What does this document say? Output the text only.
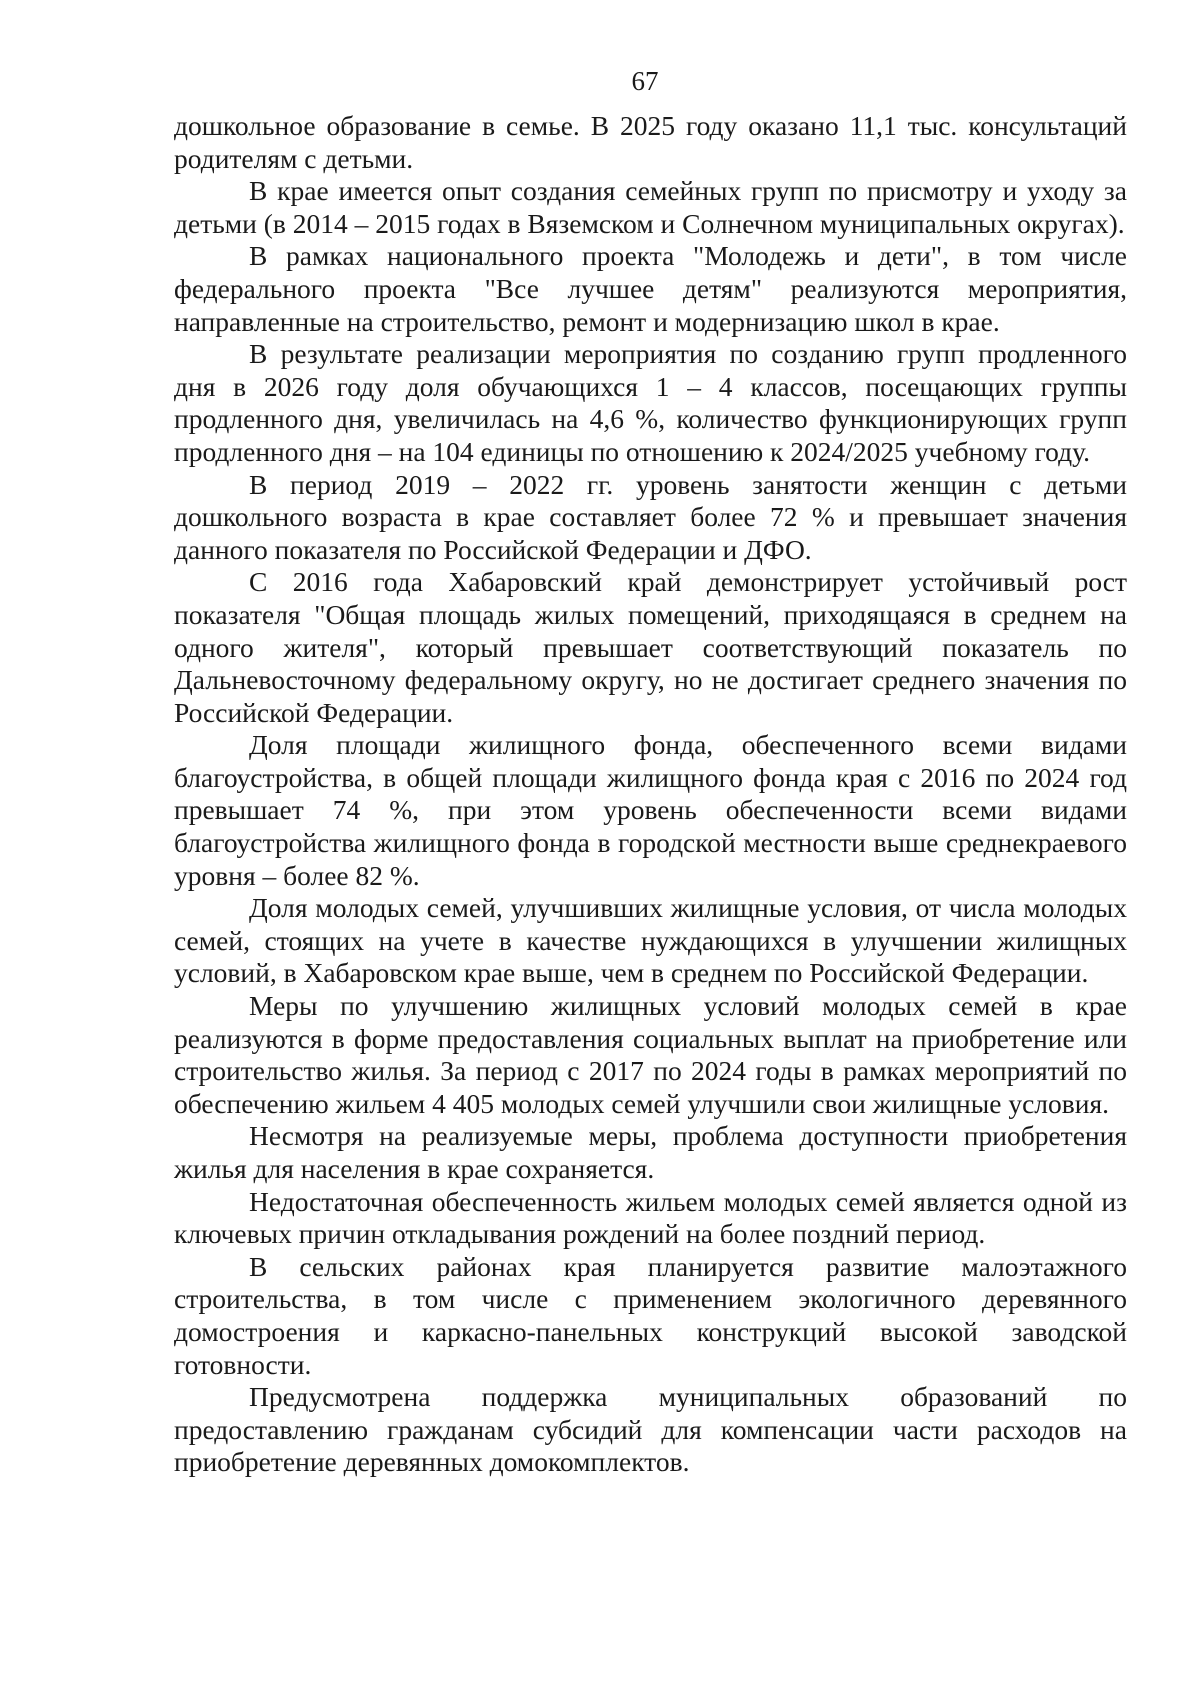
67

дошкольное образование в семье. В 2025 году оказано 11,1 тыс. консультаций родителям с детьми.

В крае имеется опыт создания семейных групп по присмотру и уходу за детьми (в 2014 – 2015 годах в Вяземском и Солнечном муниципальных округах).

В рамках национального проекта "Молодежь и дети", в том числе федерального проекта "Все лучшее детям" реализуются мероприятия, направленные на строительство, ремонт и модернизацию школ в крае.

В результате реализации мероприятия по созданию групп продленного дня в 2026 году доля обучающихся 1 – 4 классов, посещающих группы продленного дня, увеличилась на 4,6 %, количество функционирующих групп продленного дня – на 104 единицы по отношению к 2024/2025 учебному году.

В период 2019 – 2022 гг. уровень занятости женщин с детьми дошкольного возраста в крае составляет более 72 % и превышает значения данного показателя по Российской Федерации и ДФО.

С 2016 года Хабаровский край демонстрирует устойчивый рост показателя "Общая площадь жилых помещений, приходящаяся в среднем на одного жителя", который превышает соответствующий показатель по Дальневосточному федеральному округу, но не достигает среднего значения по Российской Федерации.

Доля площади жилищного фонда, обеспеченного всеми видами благоустройства, в общей площади жилищного фонда края с 2016 по 2024 год превышает 74 %, при этом уровень обеспеченности всеми видами благоустройства жилищного фонда в городской местности выше среднекраевого уровня – более 82 %.

Доля молодых семей, улучшивших жилищные условия, от числа молодых семей, стоящих на учете в качестве нуждающихся в улучшении жилищных условий, в Хабаровском крае выше, чем в среднем по Российской Федерации.

Меры по улучшению жилищных условий молодых семей в крае реализуются в форме предоставления социальных выплат на приобретение или строительство жилья. За период с 2017 по 2024 годы в рамках мероприятий по обеспечению жильем 4 405 молодых семей улучшили свои жилищные условия.

Несмотря на реализуемые меры, проблема доступности приобретения жилья для населения в крае сохраняется.

Недостаточная обеспеченность жильем молодых семей является одной из ключевых причин откладывания рождений на более поздний период.

В сельских районах края планируется развитие малоэтажного строительства, в том числе с применением экологичного деревянного домостроения и каркасно-панельных конструкций высокой заводской готовности.

Предусмотрена поддержка муниципальных образований по предоставлению гражданам субсидий для компенсации части расходов на приобретение деревянных домокомплектов.
